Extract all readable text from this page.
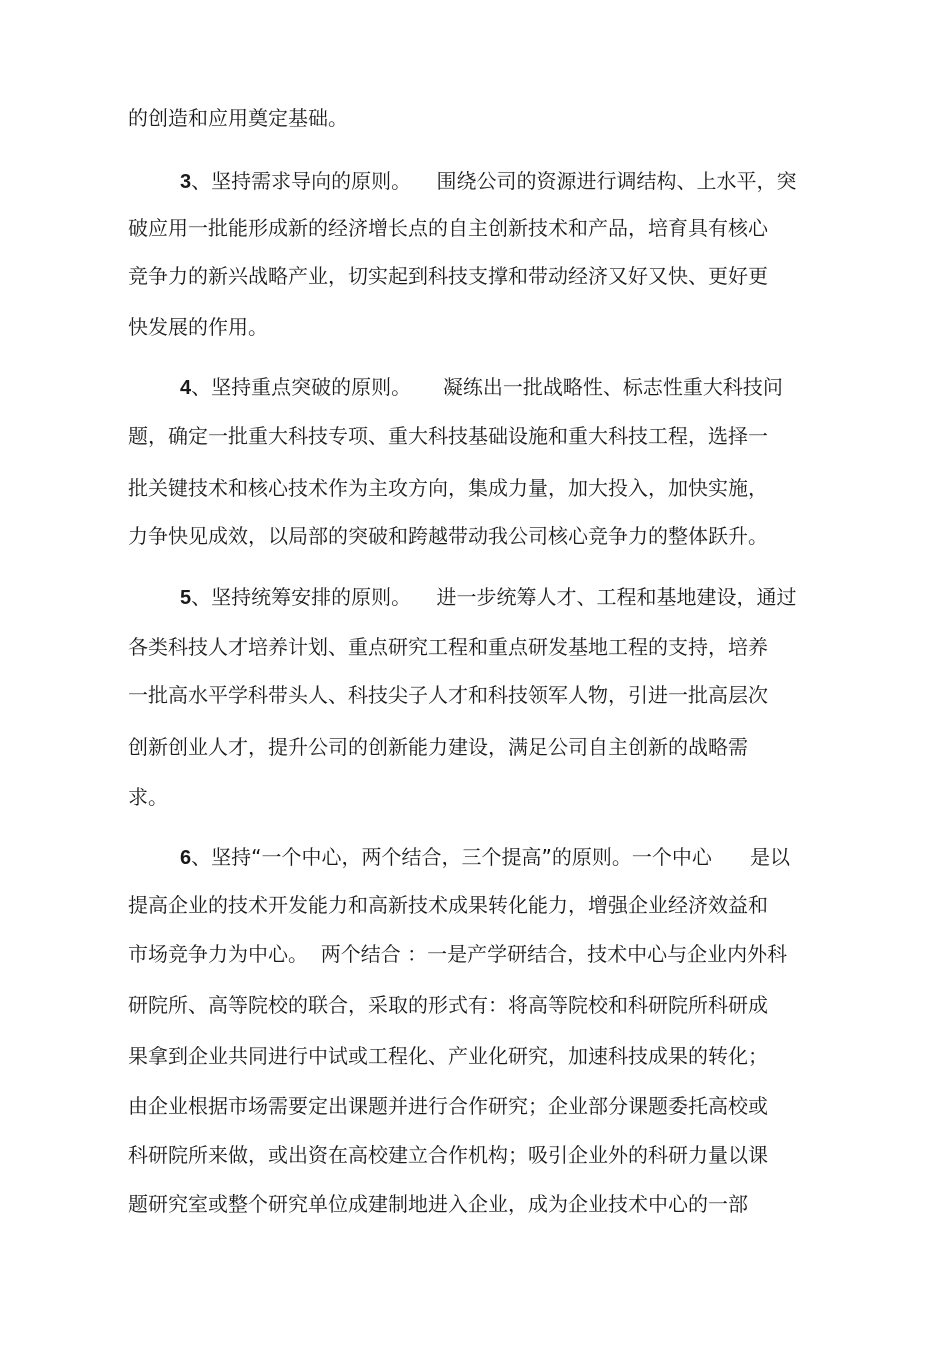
的创造和应用奠定基础。
3、坚持需求导向的原则。    围绕公司的资源进行调结构、上水平，突
破应用一批能形成新的经济增长点的自主创新技术和产品，培育具有核心
竞争力的新兴战略产业，切实起到科技支撑和带动经济又好又快、更好更
快发展的作用。
4、坚持重点突破的原则。     凝练出一批战略性、标志性重大科技问
题，确定一批重大科技专项、重大科技基础设施和重大科技工程，选择一
批关键技术和核心技术作为主攻方向，集成力量，加大投入，加快实施，
力争快见成效，以局部的突破和跨越带动我公司核心竞争力的整体跃升。
5、坚持统筹安排的原则。    进一步统筹人才、工程和基地建设，通过
各类科技人才培养计划、重点研究工程和重点研发基地工程的支持，培养
一批高水平学科带头人、科技尖子人才和科技领军人物，引进一批高层次
创新创业人才，提升公司的创新能力建设，满足公司自主创新的战略需
求。
6、坚持“一个中心，两个结合，三个提高”的原则。一个中心      是以
提高企业的技术开发能力和高新技术成果转化能力，增强企业经济效益和
市场竞争力为中心。  两个结合 ：一是产学研结合，技术中心与企业内外科
研院所、高等院校的联合，采取的形式有：将高等院校和科研院所科研成
果拿到企业共同进行中试或工程化、产业化研究，加速科技成果的转化；
由企业根据市场需要定出课题并进行合作研究；企业部分课题委托高校或
科研院所来做，或出资在高校建立合作机构；吸引企业外的科研力量以课
题研究室或整个研究单位成建制地进入企业，成为企业技术中心的一部
